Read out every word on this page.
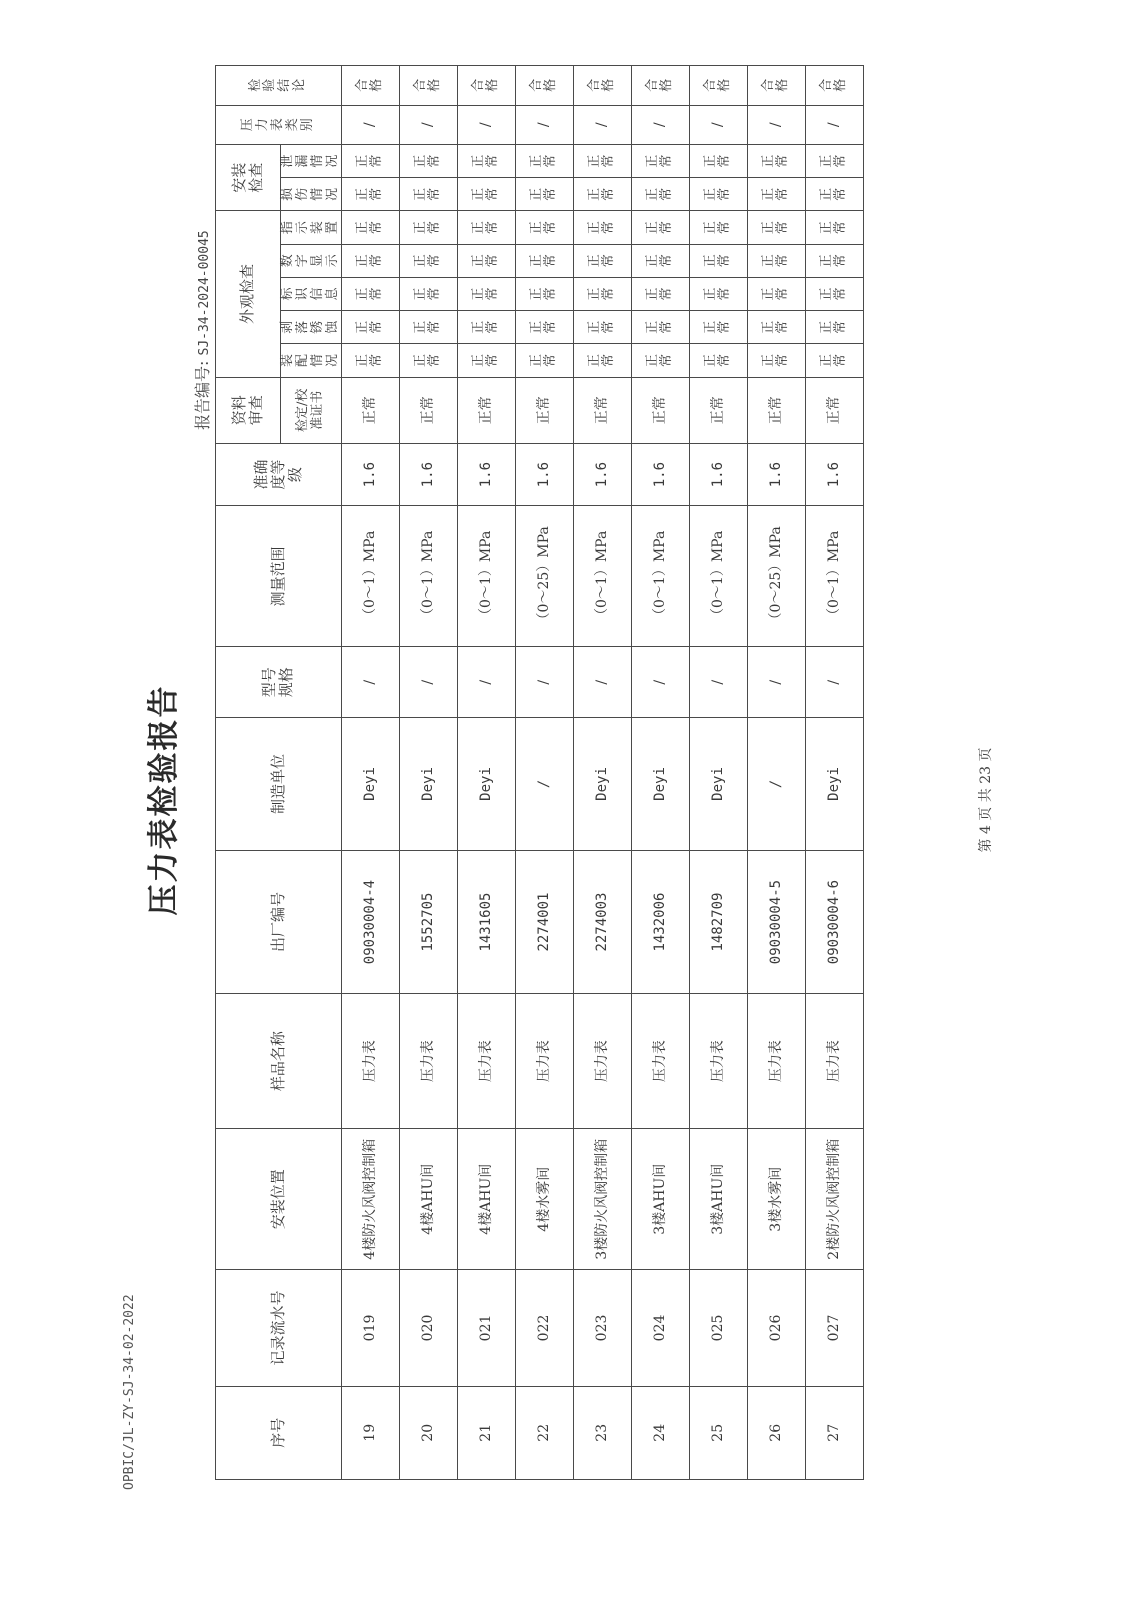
OPBIC/JL-ZY-SJ-34-02-2022
压力表检验报告
报告编号: SJ-34-2024-00045
序号	记录流水号	安装位置	样品名称	出厂编号	制造单位	型号规格	测量范围	准确度等级	资料审查	外观检查					安装检查		压力表类别	检验结论
									检定/校准证书	装配情况	剥落锈蚀	标识信息	数字显示	指示装置	损伤情况	泄漏情况		
19	019	4楼防火风阀控制箱	压力表	09030004-4	Deyi	/	（0～1）MPa	1.6	正常	正常	正常	正常	正常	正常	正常	正常	/	合格
20	020	4楼AHU间	压力表	1552705	Deyi	/	（0～1）MPa	1.6	正常	正常	正常	正常	正常	正常	正常	正常	/	合格
21	021	4楼AHU间	压力表	1431605	Deyi	/	（0～1）MPa	1.6	正常	正常	正常	正常	正常	正常	正常	正常	/	合格
22	022	4楼水雾间	压力表	2274001	/	/	（0～25）MPa	1.6	正常	正常	正常	正常	正常	正常	正常	正常	/	合格
23	023	3楼防火风阀控制箱	压力表	2274003	Deyi	/	（0～1）MPa	1.6	正常	正常	正常	正常	正常	正常	正常	正常	/	合格
24	024	3楼AHU间	压力表	1432006	Deyi	/	（0～1）MPa	1.6	正常	正常	正常	正常	正常	正常	正常	正常	/	合格
25	025	3楼AHU间	压力表	1482709	Deyi	/	（0～1）MPa	1.6	正常	正常	正常	正常	正常	正常	正常	正常	/	合格
26	026	3楼水雾间	压力表	09030004-5	/	/	（0～25）MPa	1.6	正常	正常	正常	正常	正常	正常	正常	正常	/	合格
27	027	2楼防火风阀控制箱	压力表	09030004-6	Deyi	/	（0～1）MPa	1.6	正常	正常	正常	正常	正常	正常	正常	正常	/	合格
第 4 页 共 23 页
